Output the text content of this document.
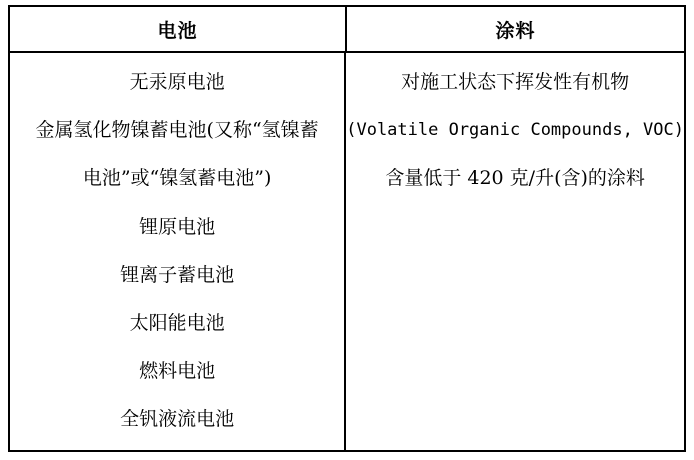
电池	涂料
无汞原电池
金属氢化物镍蓄电池(又称“氢镍蓄
电池”或“镍氢蓄电池”)
锂原电池
锂离子蓄电池
太阳能电池
燃料电池
全钒液流电池
对施工状态下挥发性有机物
(Volatile Organic Compounds, VOC)
含量低于 420 克/升(含)的涂料
